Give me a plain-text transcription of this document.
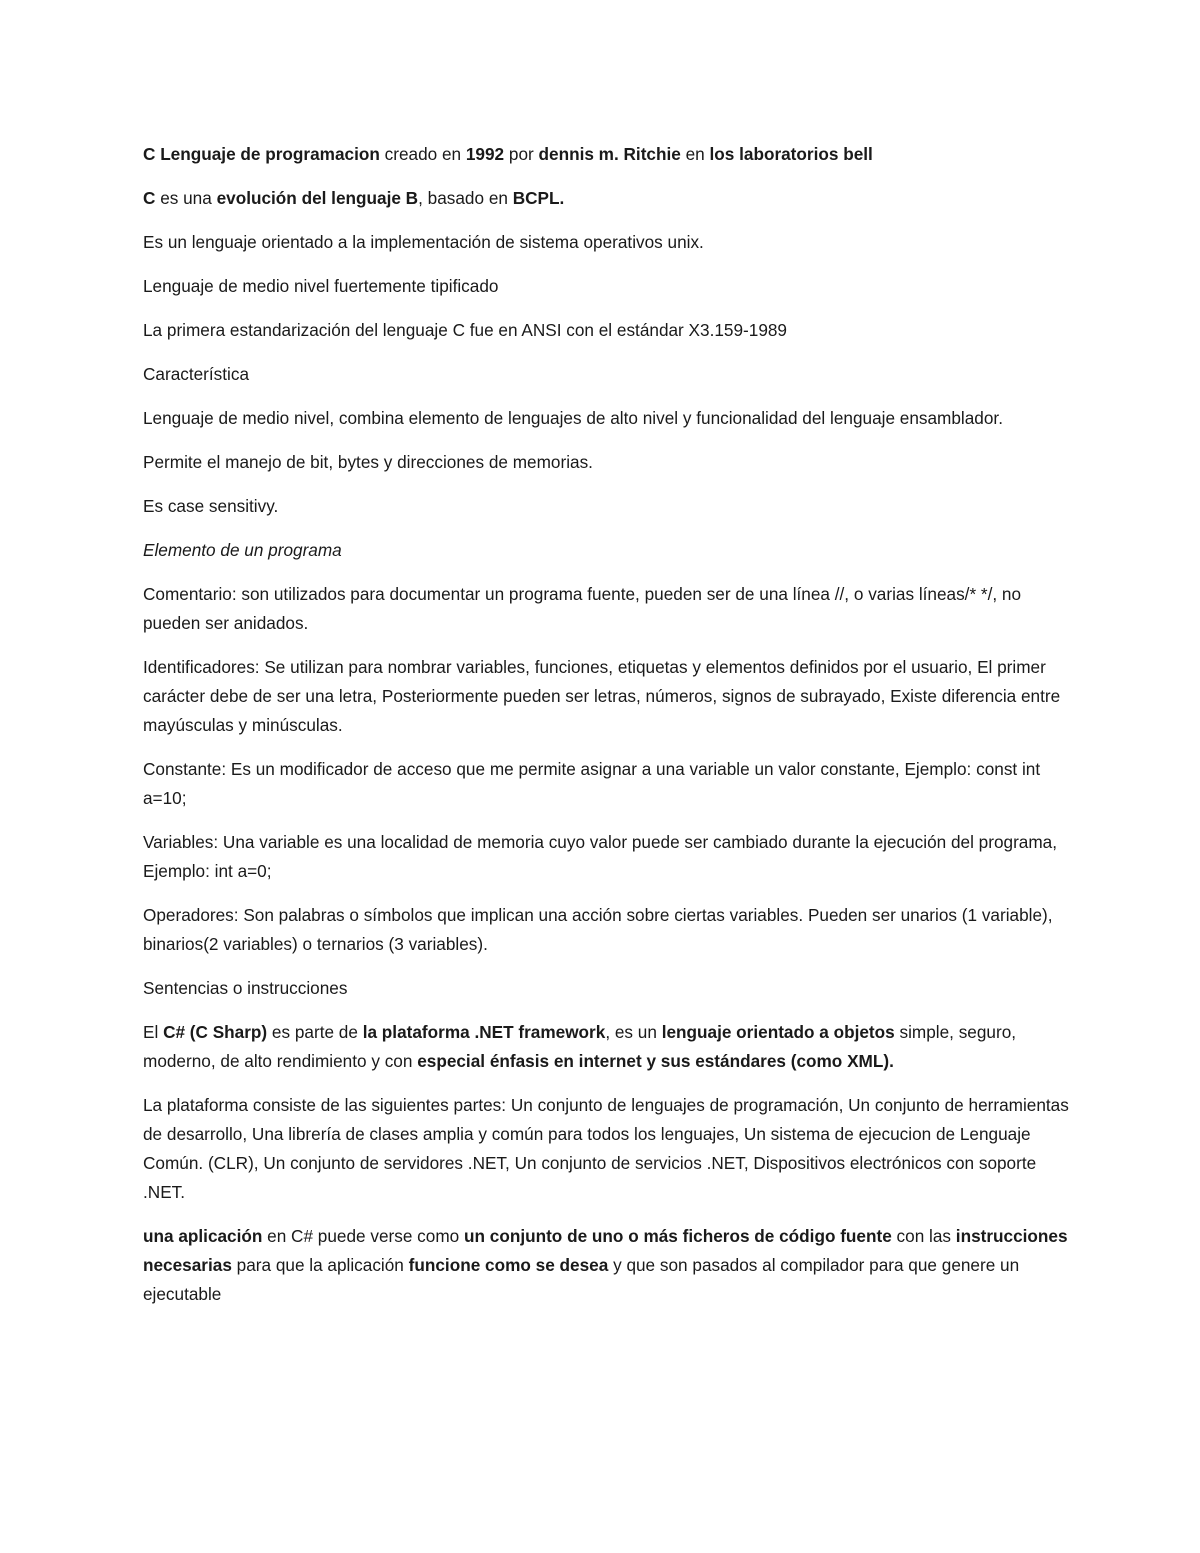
C Lenguaje de programacion creado en 1992 por dennis m. Ritchie en los laboratorios bell

C es una evolución del lenguaje B, basado en BCPL.

Es un lenguaje orientado a la implementación de sistema operativos unix.

Lenguaje de medio nivel fuertemente tipificado

La primera estandarización del lenguaje C fue en ANSI con el estándar X3.159-1989

Característica

Lenguaje de medio nivel, combina elemento de lenguajes de alto nivel y funcionalidad del lenguaje ensamblador.

Permite el manejo de bit, bytes y direcciones de memorias.

Es case sensitivy.

Elemento de un programa

Comentario: son utilizados para documentar un programa fuente, pueden ser de una línea //, o varias líneas/* */, no pueden ser anidados.

Identificadores: Se utilizan para nombrar variables, funciones, etiquetas y elementos definidos por el usuario, El primer carácter debe de ser una letra, Posteriormente pueden ser letras, números, signos de subrayado, Existe diferencia entre mayúsculas y minúsculas.

Constante: Es un modificador de acceso que me permite asignar a una variable un valor constante, Ejemplo: const int a=10;

Variables: Una variable es una localidad de memoria cuyo valor puede ser cambiado durante la ejecución del programa, Ejemplo: int a=0;

Operadores: Son palabras o símbolos que implican una acción sobre ciertas variables. Pueden ser unarios (1 variable), binarios(2 variables) o ternarios (3 variables).

Sentencias o instrucciones

El C# (C Sharp) es parte de la plataforma .NET framework, es un lenguaje orientado a objetos simple, seguro, moderno, de alto rendimiento y con especial énfasis en internet y sus estándares (como XML).

La plataforma consiste de las siguientes partes: Un conjunto de lenguajes de programación, Un conjunto de herramientas de desarrollo, Una librería de clases amplia y común para todos los lenguajes, Un sistema de ejecucion de Lenguaje Común. (CLR), Un conjunto de servidores .NET, Un conjunto de servicios .NET, Dispositivos electrónicos con soporte .NET.

una aplicación en C# puede verse como un conjunto de uno o más ficheros de código fuente con las instrucciones necesarias para que la aplicación funcione como se desea y que son pasados al compilador para que genere un ejecutable
